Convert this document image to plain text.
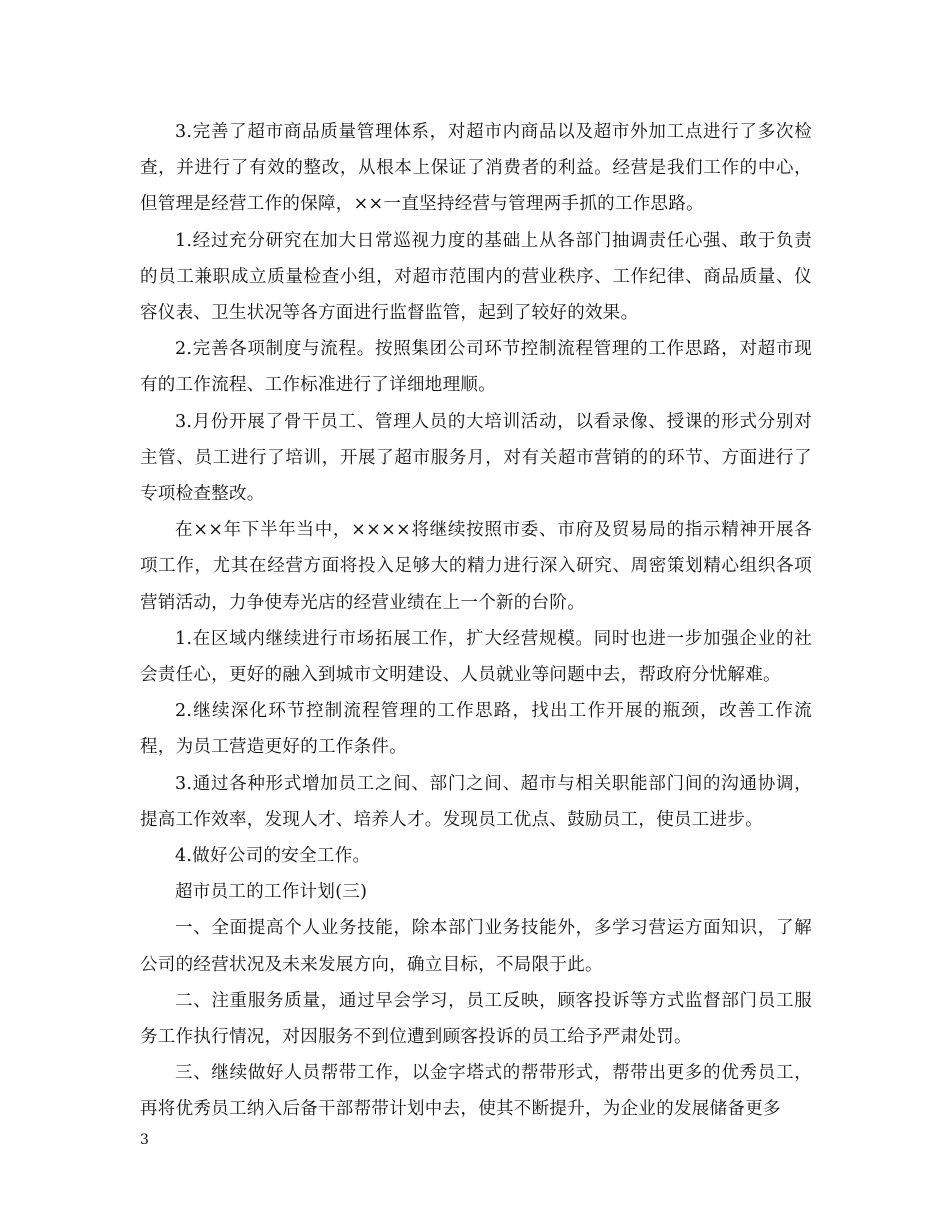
3.完善了超市商品质量管理体系，对超市内商品以及超市外加工点进行了多次检查，并进行了有效的整改，从根本上保证了消费者的利益。经营是我们工作的中心，但管理是经营工作的保障，××一直坚持经营与管理两手抓的工作思路。

1.经过充分研究在加大日常巡视力度的基础上从各部门抽调责任心强、敢于负责的员工兼职成立质量检查小组，对超市范围内的营业秩序、工作纪律、商品质量、仪容仪表、卫生状况等各方面进行监督监管，起到了较好的效果。

2.完善各项制度与流程。按照集团公司环节控制流程管理的工作思路，对超市现有的工作流程、工作标准进行了详细地理顺。

3.月份开展了骨干员工、管理人员的大培训活动，以看录像、授课的形式分别对主管、员工进行了培训，开展了超市服务月，对有关超市营销的的环节、方面进行了专项检查整改。

在××年下半年当中，××××将继续按照市委、市府及贸易局的指示精神开展各项工作，尤其在经营方面将投入足够大的精力进行深入研究、周密策划精心组织各项营销活动，力争使寿光店的经营业绩在上一个新的台阶。

1.在区域内继续进行市场拓展工作，扩大经营规模。同时也进一步加强企业的社会责任心，更好的融入到城市文明建设、人员就业等问题中去，帮政府分忧解难。

2.继续深化环节控制流程管理的工作思路，找出工作开展的瓶颈，改善工作流程，为员工营造更好的工作条件。

3.通过各种形式增加员工之间、部门之间、超市与相关职能部门间的沟通协调，提高工作效率，发现人才、培养人才。发现员工优点、鼓励员工，使员工进步。

4.做好公司的安全工作。

超市员工的工作计划(三)

一、全面提高个人业务技能，除本部门业务技能外，多学习营运方面知识，了解公司的经营状况及未来发展方向，确立目标，不局限于此。

二、注重服务质量，通过早会学习，员工反映，顾客投诉等方式监督部门员工服务工作执行情况，对因服务不到位遭到顾客投诉的员工给予严肃处罚。

三、继续做好人员帮带工作，以金字塔式的帮带形式，帮带出更多的优秀员工，再将优秀员工纳入后备干部帮带计划中去，使其不断提升，为企业的发展储备更多

3
